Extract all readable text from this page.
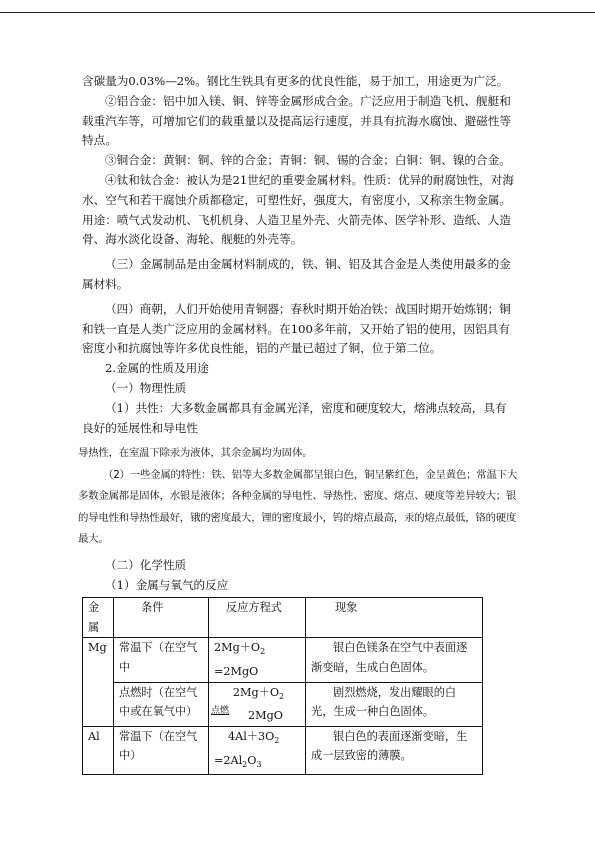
含碳量为0.03%—2%。钢比生铁具有更多的优良性能，易于加工，用途更为广泛。

②铝合金：铝中加入镁、铜、锌等金属形成合金。广泛应用于制造飞机、舰艇和载重汽车等，可增加它们的载重量以及提高运行速度，并具有抗海水腐蚀、避磁性等特点。

③铜合金：黄铜：铜、锌的合金；青铜：铜、锡的合金；白铜：铜、镍的合金。

④钛和钛合金：被认为是21世纪的重要金属材料。性质：优异的耐腐蚀性，对海水、空气和若干腐蚀介质都稳定，可塑性好，强度大，有密度小，又称亲生物金属。用途：喷气式发动机、飞机机身、人造卫星外壳、火箭壳体、医学补形、造纸、人造骨、海水淡化设备、海轮、舰艇的外壳等。

（三）金属制品是由金属材料制成的，铁、铜、铝及其合金是人类使用最多的金属材料。

（四）商朝，人们开始使用青铜器；春秋时期开始冶铁；战国时期开始炼钢；铜和铁一直是人类广泛应用的金属材料。在100多年前，又开始了铝的使用，因铝具有密度小和抗腐蚀等许多优良性能，铝的产量已超过了铜，位于第二位。

2.金属的性质及用途

（一）物理性质

（1）共性：大多数金属都具有金属光泽，密度和硬度较大，熔沸点较高，具有良好的延展性和导电性

导热性，在室温下除汞为液体，其余金属均为固体。

（2）一些金属的特性：铁、铝等大多数金属都呈银白色，铜呈紫红色，金呈黄色；常温下大多数金属都是固体，水银是液体；各种金属的导电性、导热性、密度、熔点、硬度等差异较大；银的导电性和导热性最好，锇的密度最大，锂的密度最小，钨的熔点最高，汞的熔点最低，铬的硬度最大。

（二）化学性质

（1）金属与氧气的反应

金属	条件	反应方程式	现象
Mg	常温下（在空气中	$2Mg+O_2 =2MgO$	银白色镁条在空气中表面逐渐变暗，生成白色固体。

	点燃时（在空气中或在氧气中）	$2Mg+O_2$
点燃 2MgO	剧烈燃烧，发出耀眼的白光，生成一种白色固体。

Al	常温下（在空气中）	$4Al+3O_2$
$=2Al_2O_3$	银白色的表面逐渐变暗，生成一层致密的薄膜。
